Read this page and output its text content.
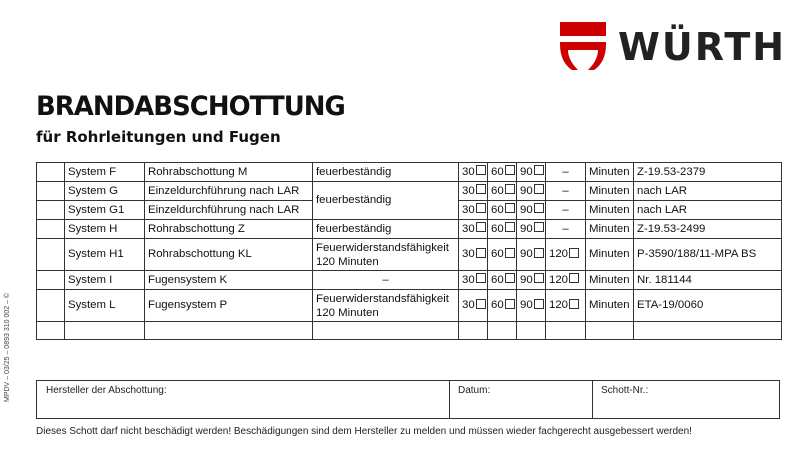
WÜRTH
BRANDABSCHOTTUNG
für Rohrleitungen und Fugen
	System F	Rohrabschottung M	feuerbeständig	30	60	90	–	Minuten	Z-19.53-2379
	System G	Einzeldurchführung nach LAR	feuerbeständig	30	60	90	–	Minuten	nach LAR
	System G1	Einzeldurchführung nach LAR		30	60	90	–	Minuten	nach LAR
	System H	Rohrabschottung Z	feuerbeständig	30	60	90	–	Minuten	Z-19.53-2499
	System H1	Rohrabschottung KL	Feuerwiderstandsfähigkeit 120 Minuten	30	60	90	120	Minuten	P-3590/188/11-MPA BS
	System I	Fugensystem K	–	30	60	90	120	Minuten	Nr. 181144
	System L	Fugensystem P	Feuerwiderstandsfähigkeit 120 Minuten	30	60	90	120	Minuten	ETA-19/0060

Hersteller der Abschottung:	Datum:	Schott-Nr.:
Dieses Schott darf nicht beschädigt werden! Beschädigungen sind dem Hersteller zu melden und müssen wieder fachgerecht ausgebessert werden!
MPDV – 03/25 – 0893 310 002 – ©
